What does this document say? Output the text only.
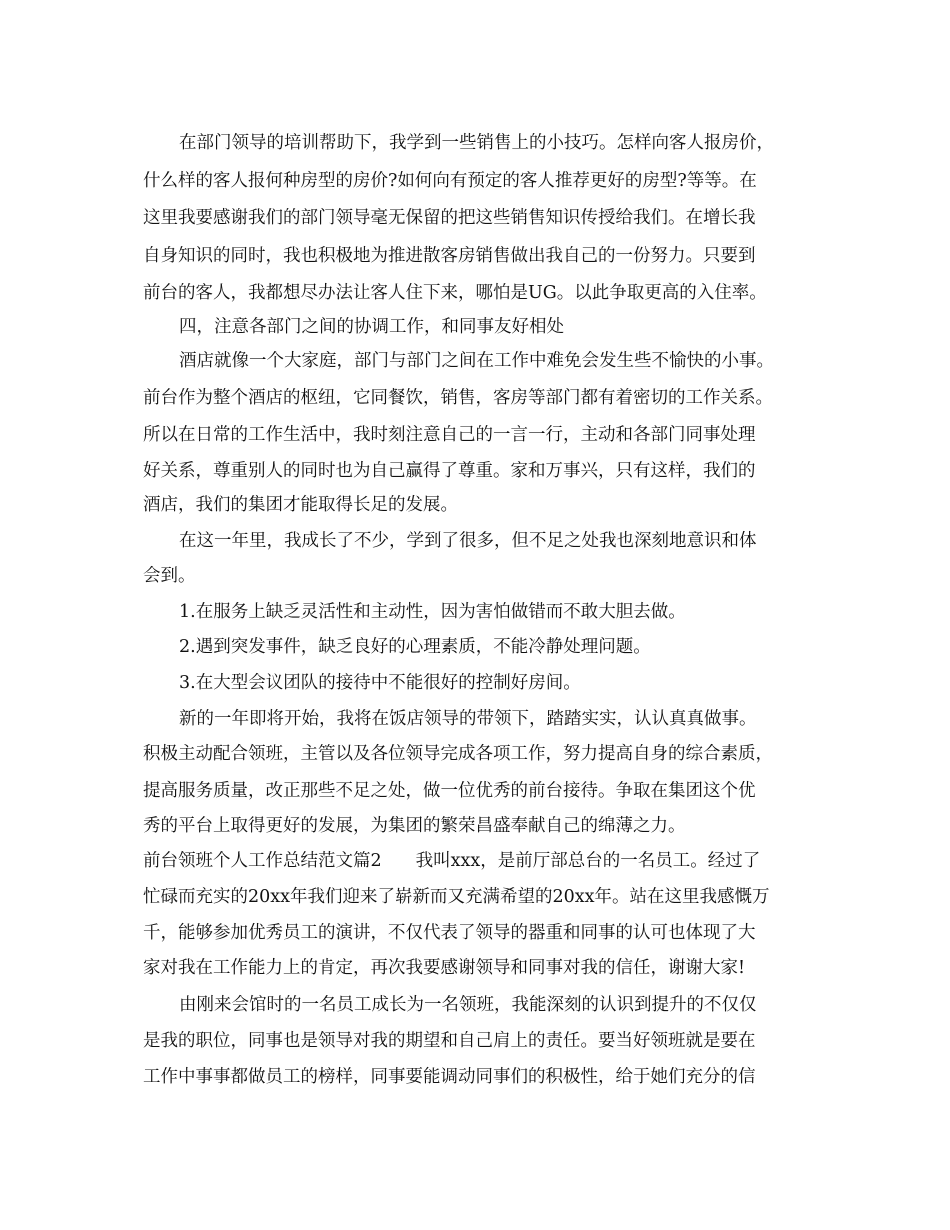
在部门领导的培训帮助下，我学到一些销售上的小技巧。怎样向客人报房价，

什么样的客人报何种房型的房价?如何向有预定的客人推荐更好的房型?等等。在

这里我要感谢我们的部门领导毫无保留的把这些销售知识传授给我们。在增长我

自身知识的同时，我也积极地为推进散客房销售做出我自己的一份努力。只要到

前台的客人，我都想尽办法让客人住下来，哪怕是UG。以此争取更高的入住率。

四，注意各部门之间的协调工作，和同事友好相处

酒店就像一个大家庭，部门与部门之间在工作中难免会发生些不愉快的小事。

前台作为整个酒店的枢纽，它同餐饮，销售，客房等部门都有着密切的工作关系。

所以在日常的工作生活中，我时刻注意自己的一言一行，主动和各部门同事处理

好关系，尊重别人的同时也为自己赢得了尊重。家和万事兴，只有这样，我们的

酒店，我们的集团才能取得长足的发展。

在这一年里，我成长了不少，学到了很多，但不足之处我也深刻地意识和体

会到。

1.在服务上缺乏灵活性和主动性，因为害怕做错而不敢大胆去做。

2.遇到突发事件，缺乏良好的心理素质，不能冷静处理问题。

3.在大型会议团队的接待中不能很好的控制好房间。

新的一年即将开始，我将在饭店领导的带领下，踏踏实实，认认真真做事。

积极主动配合领班，主管以及各位领导完成各项工作，努力提高自身的综合素质，

提高服务质量，改正那些不足之处，做一位优秀的前台接待。争取在集团这个优

秀的平台上取得更好的发展，为集团的繁荣昌盛奉献自己的绵薄之力。

前台领班个人工作总结范文篇2 我叫xxx，是前厅部总台的一名员工。经过了

忙碌而充实的20xx年我们迎来了崭新而又充满希望的20xx年。站在这里我感慨万

千，能够参加优秀员工的演讲，不仅代表了领导的器重和同事的认可也体现了大

家对我在工作能力上的肯定，再次我要感谢领导和同事对我的信任，谢谢大家!

由刚来会馆时的一名员工成长为一名领班，我能深刻的认识到提升的不仅仅

是我的职位，同事也是领导对我的期望和自己肩上的责任。要当好领班就是要在

工作中事事都做员工的榜样，同事要能调动同事们的积极性，给于她们充分的信
